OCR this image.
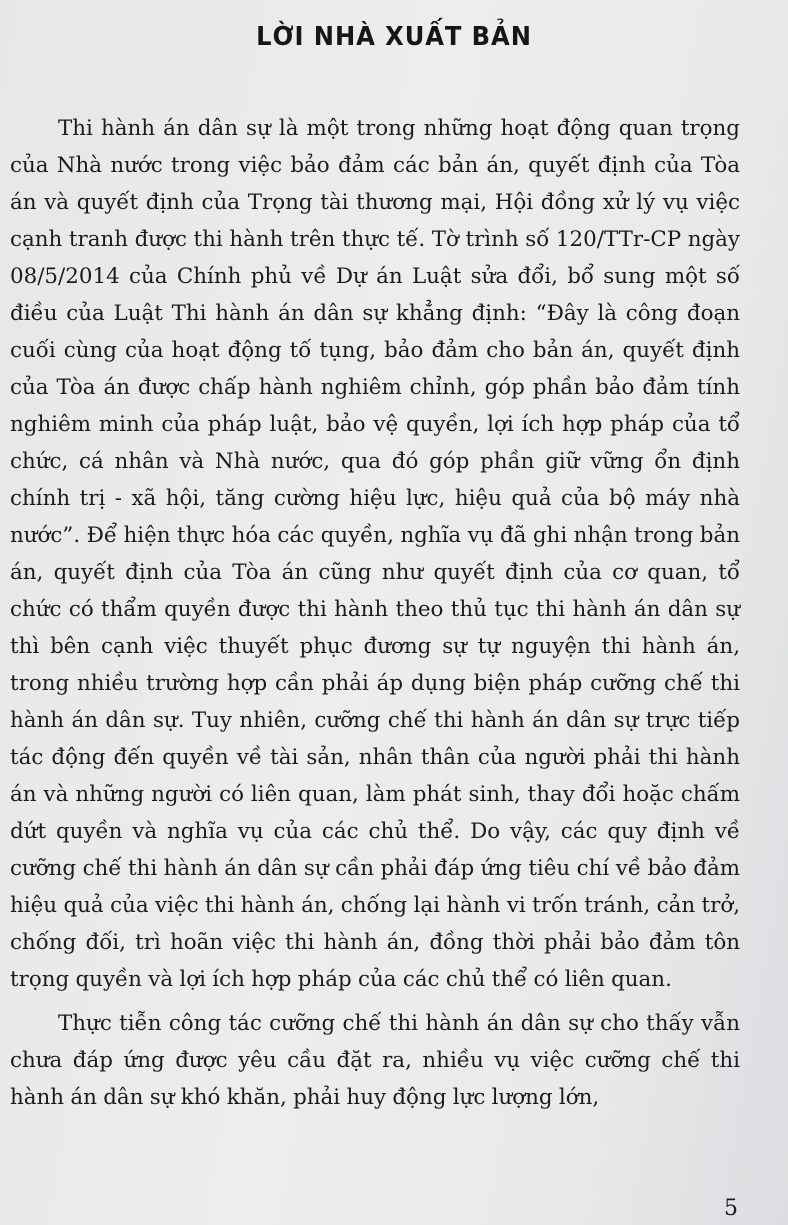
LỜI NHÀ XUẤT BẢN

Thi hành án dân sự là một trong những hoạt động quan trọng của Nhà nước trong việc bảo đảm các bản án, quyết định của Tòa án và quyết định của Trọng tài thương mại, Hội đồng xử lý vụ việc cạnh tranh được thi hành trên thực tế. Tờ trình số 120/TTr-CP ngày 08/5/2014 của Chính phủ về Dự án Luật sửa đổi, bổ sung một số điều của Luật Thi hành án dân sự khẳng định: “Đây là công đoạn cuối cùng của hoạt động tố tụng, bảo đảm cho bản án, quyết định của Tòa án được chấp hành nghiêm chỉnh, góp phần bảo đảm tính nghiêm minh của pháp luật, bảo vệ quyền, lợi ích hợp pháp của tổ chức, cá nhân và Nhà nước, qua đó góp phần giữ vững ổn định chính trị - xã hội, tăng cường hiệu lực, hiệu quả của bộ máy nhà nước”. Để hiện thực hóa các quyền, nghĩa vụ đã ghi nhận trong bản án, quyết định của Tòa án cũng như quyết định của cơ quan, tổ chức có thẩm quyền được thi hành theo thủ tục thi hành án dân sự thì bên cạnh việc thuyết phục đương sự tự nguyện thi hành án, trong nhiều trường hợp cần phải áp dụng biện pháp cưỡng chế thi hành án dân sự. Tuy nhiên, cưỡng chế thi hành án dân sự trực tiếp tác động đến quyền về tài sản, nhân thân của người phải thi hành án và những người có liên quan, làm phát sinh, thay đổi hoặc chấm dứt quyền và nghĩa vụ của các chủ thể. Do vậy, các quy định về cưỡng chế thi hành án dân sự cần phải đáp ứng tiêu chí về bảo đảm hiệu quả của việc thi hành án, chống lại hành vi trốn tránh, cản trở, chống đối, trì hoãn việc thi hành án, đồng thời phải bảo đảm tôn trọng quyền và lợi ích hợp pháp của các chủ thể có liên quan.

Thực tiễn công tác cưỡng chế thi hành án dân sự cho thấy vẫn chưa đáp ứng được yêu cầu đặt ra, nhiều vụ việc cưỡng chế thi hành án dân sự khó khăn, phải huy động lực lượng lớn,

5
